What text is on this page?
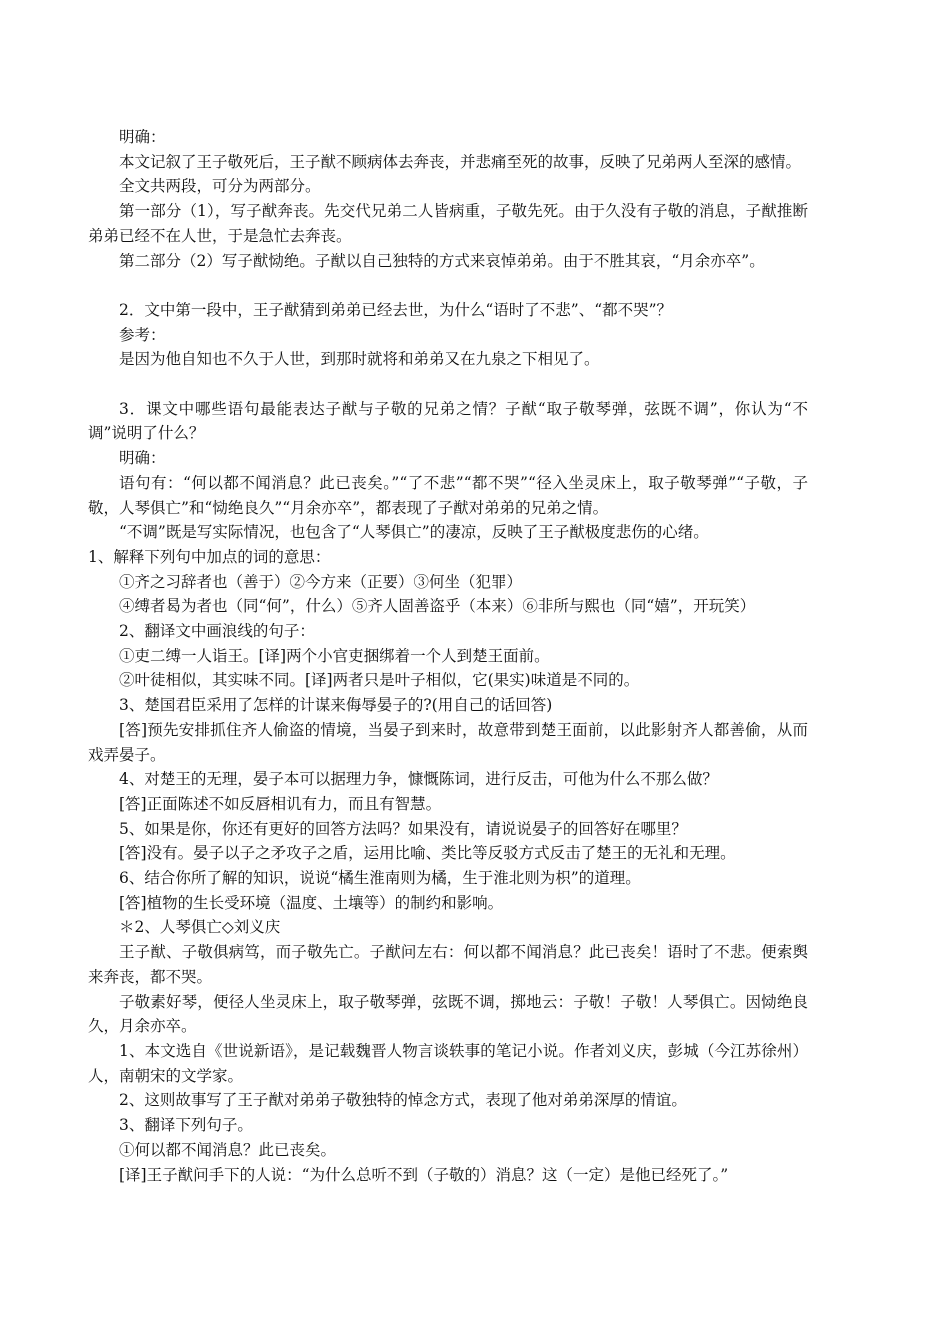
明确：

本文记叙了王子敬死后，王子猷不顾病体去奔丧，并悲痛至死的故事，反映了兄弟两人至深的感情。

全文共两段，可分为两部分。

第一部分（1），写子猷奔丧。先交代兄弟二人皆病重，子敬先死。由于久没有子敬的消息，子猷推断弟弟已经不在人世，于是急忙去奔丧。

第二部分（2）写子猷恸绝。子猷以自己独特的方式来哀悼弟弟。由于不胜其哀，“月余亦卒”。

2．文中第一段中，王子猷猜到弟弟已经去世，为什么“语时了不悲”、“都不哭”？

参考：

是因为他自知也不久于人世，到那时就将和弟弟又在九泉之下相见了。

3．课文中哪些语句最能表达子猷与子敬的兄弟之情？子猷“取子敬琴弹，弦既不调”，你认为“不调”说明了什么？

明确：

语句有：“何以都不闻消息？此已丧矣。”“了不悲”“都不哭”“径入坐灵床上，取子敬琴弹”“子敬，子敬，人琴俱亡”和“恸绝良久”“月余亦卒”，都表现了子猷对弟弟的兄弟之情。

“不调”既是写实际情况，也包含了“人琴俱亡”的凄凉，反映了王子猷极度悲伤的心绪。

1、解释下列句中加点的词的意思：

①齐之习辞者也（善于）②今方来（正要）③何坐（犯罪）

④缚者曷为者也（同“何”，什么）⑤齐人固善盗乎（本来）⑥非所与熙也（同“嬉”，开玩笑）

2、翻译文中画浪线的句子：

①吏二缚一人诣王。[译]两个小官吏捆绑着一个人到楚王面前。

②叶徒相似，其实味不同。[译]两者只是叶子相似，它(果实)味道是不同的。

3、楚国君臣采用了怎样的计谋来侮辱晏子的?(用自己的话回答)

[答]预先安排抓住齐人偷盗的情境，当晏子到来时，故意带到楚王面前，以此影射齐人都善偷，从而戏弄晏子。

4、对楚王的无理，晏子本可以据理力争，慷慨陈词，进行反击，可他为什么不那么做？

[答]正面陈述不如反唇相讥有力，而且有智慧。

5、如果是你，你还有更好的回答方法吗？如果没有，请说说晏子的回答好在哪里？

[答]没有。晏子以子之矛攻子之盾，运用比喻、类比等反驳方式反击了楚王的无礼和无理。

6、结合你所了解的知识，说说“橘生淮南则为橘，生于淮北则为枳”的道理。

[答]植物的生长受环境（温度、土壤等）的制约和影响。

＊2、人琴俱亡◇刘义庆

王子猷、子敬俱病笃，而子敬先亡。子猷问左右：何以都不闻消息？此已丧矣！语时了不悲。便索舆来奔丧，都不哭。

子敬素好琴，便径人坐灵床上，取子敬琴弹，弦既不调，掷地云：子敬！子敬！人琴俱亡。因恸绝良久，月余亦卒。

1、本文选自《世说新语》，是记载魏晋人物言谈轶事的笔记小说。作者刘义庆，彭城（今江苏徐州）人，南朝宋的文学家。

2、这则故事写了王子猷对弟弟子敬独特的悼念方式，表现了他对弟弟深厚的情谊。

3、翻译下列句子。

①何以都不闻消息？此已丧矣。

[译]王子猷问手下的人说：“为什么总听不到（子敬的）消息？这（一定）是他已经死了。”
